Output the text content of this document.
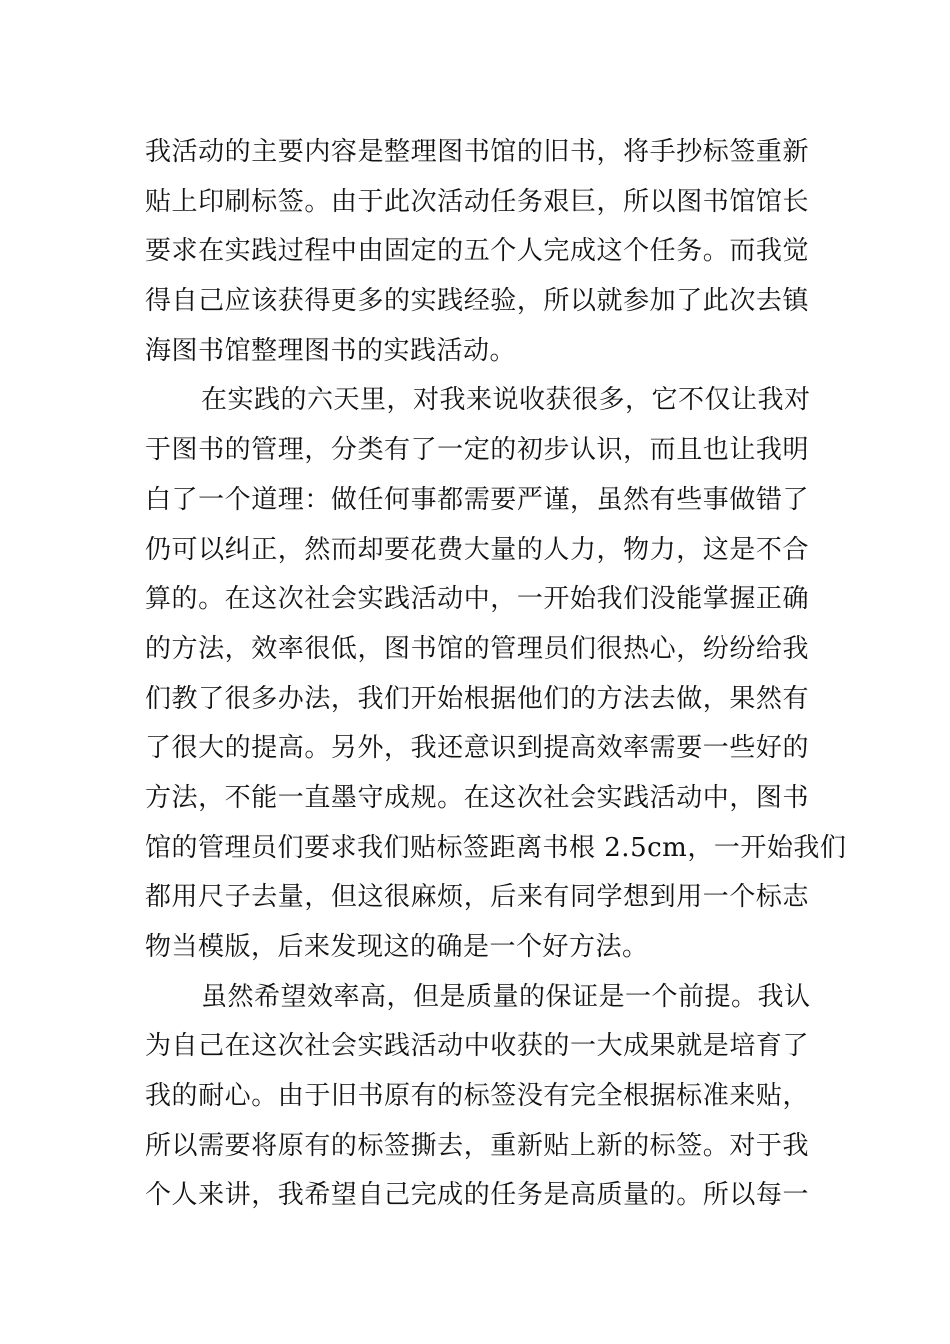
我活动的主要内容是整理图书馆的旧书，将手抄标签重新
贴上印刷标签。由于此次活动任务艰巨，所以图书馆馆长
要求在实践过程中由固定的五个人完成这个任务。而我觉
得自己应该获得更多的实践经验，所以就参加了此次去镇
海图书馆整理图书的实践活动。
在实践的六天里，对我来说收获很多，它不仅让我对
于图书的管理，分类有了一定的初步认识，而且也让我明
白了一个道理：做任何事都需要严谨，虽然有些事做错了
仍可以纠正，然而却要花费大量的人力，物力，这是不合
算的。在这次社会实践活动中，一开始我们没能掌握正确
的方法，效率很低，图书馆的管理员们很热心，纷纷给我
们教了很多办法，我们开始根据他们的方法去做，果然有
了很大的提高。另外，我还意识到提高效率需要一些好的
方法，不能一直墨守成规。在这次社会实践活动中，图书
馆的管理员们要求我们贴标签距离书根 2.5cm，一开始我们
都用尺子去量，但这很麻烦，后来有同学想到用一个标志
物当模版，后来发现这的确是一个好方法。
虽然希望效率高，但是质量的保证是一个前提。我认
为自己在这次社会实践活动中收获的一大成果就是培育了
我的耐心。由于旧书原有的标签没有完全根据标准来贴，
所以需要将原有的标签撕去，重新贴上新的标签。对于我
个人来讲，我希望自己完成的任务是高质量的。所以每一
